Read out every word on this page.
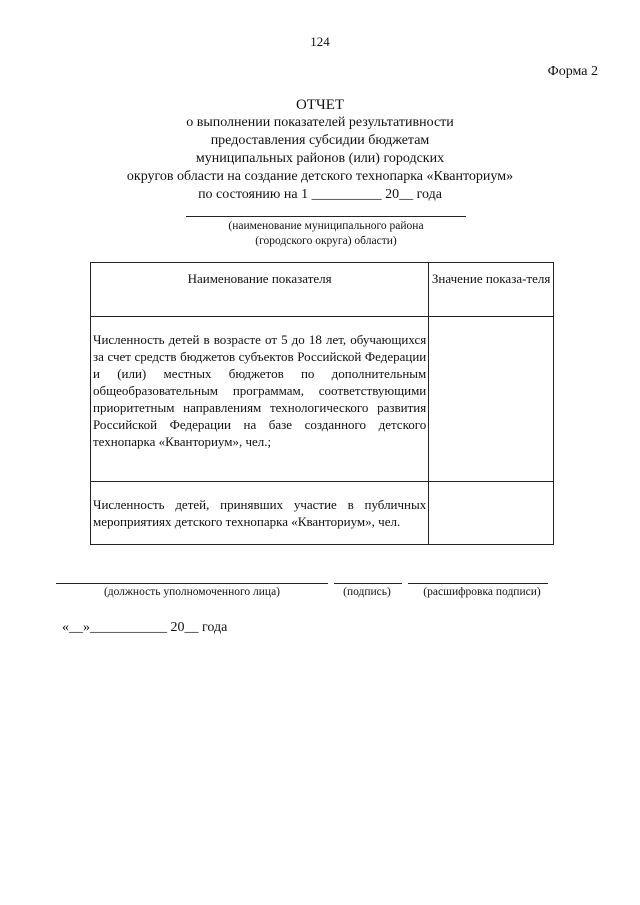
124
Форма 2
ОТЧЕТ
о выполнении показателей результативности
предоставления субсидии бюджетам
муниципальных районов (или) городских
округов области на создание детского технопарка «Кванториум»
по состоянию на 1 __________ 20__ года
(наименование муниципального района
(городского округа) области)
Наименование показателя	Значение показа-теля

Численность детей в возрасте от 5 до 18 лет, обучающихся за счет средств бюджетов субъектов Российской Федерации и (или) местных бюджетов по дополнительным общеобразовательным программам, соответствующими приоритетным направлениям технологического развития Российской Федерации на базе созданного детского технопарка «Кванториум», чел.;	

Численность детей, принявших участие в публичных мероприятиях детского технопарка «Кванториум», чел.	

(должность уполномоченного лица)	(подпись)	(расшифровка подписи)
«__»___________ 20__ года
